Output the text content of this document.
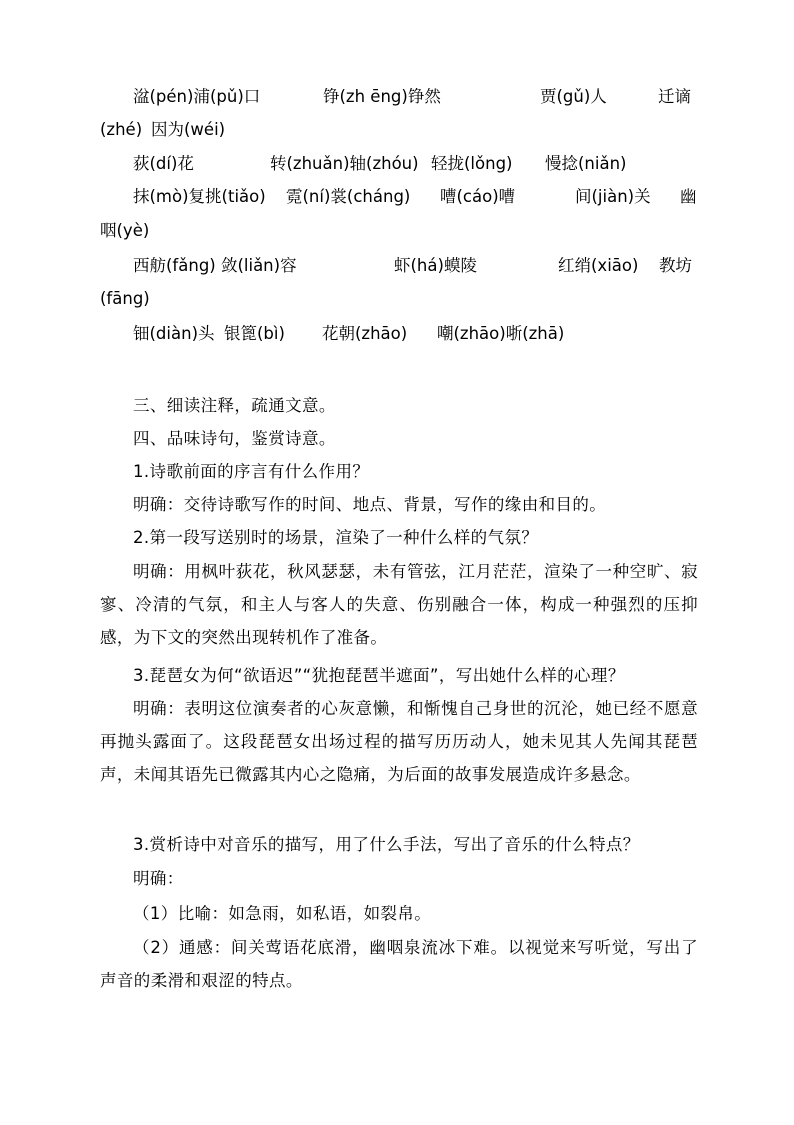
湓(pén)浦(pǔ)口	铮(zh ēng)铮然	贾(gǔ)人	迁谪
(zhé) 因为(wéi)
荻(dí)花	转(zhuǎn)轴(zhóu) 轻拢(lǒng) 慢捻(niǎn)
抹(mò)复挑(tiǎo) 霓(ní)裳(cháng) 嘈(cáo)嘈	间(jiàn)关 幽
咽(yè)
西舫(fǎng) 敛(liǎn)容	虾(há)蟆陵	红绡(xiāo) 教坊
(fāng)
钿(diàn)头 银篦(bì) 花朝(zhāo) 嘲(zhāo)哳(zhā)
三、细读注释，疏通文意。
四、品味诗句，鉴赏诗意。
1.诗歌前面的序言有什么作用？
明确：交待诗歌写作的时间、地点、背景，写作的缘由和目的。
2.第一段写送别时的场景，渲染了一种什么样的气氛？
明确：用枫叶荻花，秋风瑟瑟，未有管弦，江月茫茫，渲染了一种空旷、寂寥、冷清的气氛，和主人与客人的失意、伤别融合一体，构成一种强烈的压抑感，为下文的突然出现转机作了准备。
3.琵琶女为何“欲语迟”“犹抱琵琶半遮面”，写出她什么样的心理？
明确：表明这位演奏者的心灰意懒，和惭愧自己身世的沉沦，她已经不愿意再抛头露面了。这段琵琶女出场过程的描写历历动人，她未见其人先闻其琵琶声，未闻其语先已微露其内心之隐痛，为后面的故事发展造成许多悬念。
3.赏析诗中对音乐的描写，用了什么手法，写出了音乐的什么特点？
明确：
（1）比喻：如急雨，如私语，如裂帛。
（2）通感：间关莺语花底滑，幽咽泉流冰下难。以视觉来写听觉，写出了声音的柔滑和艰涩的特点。
